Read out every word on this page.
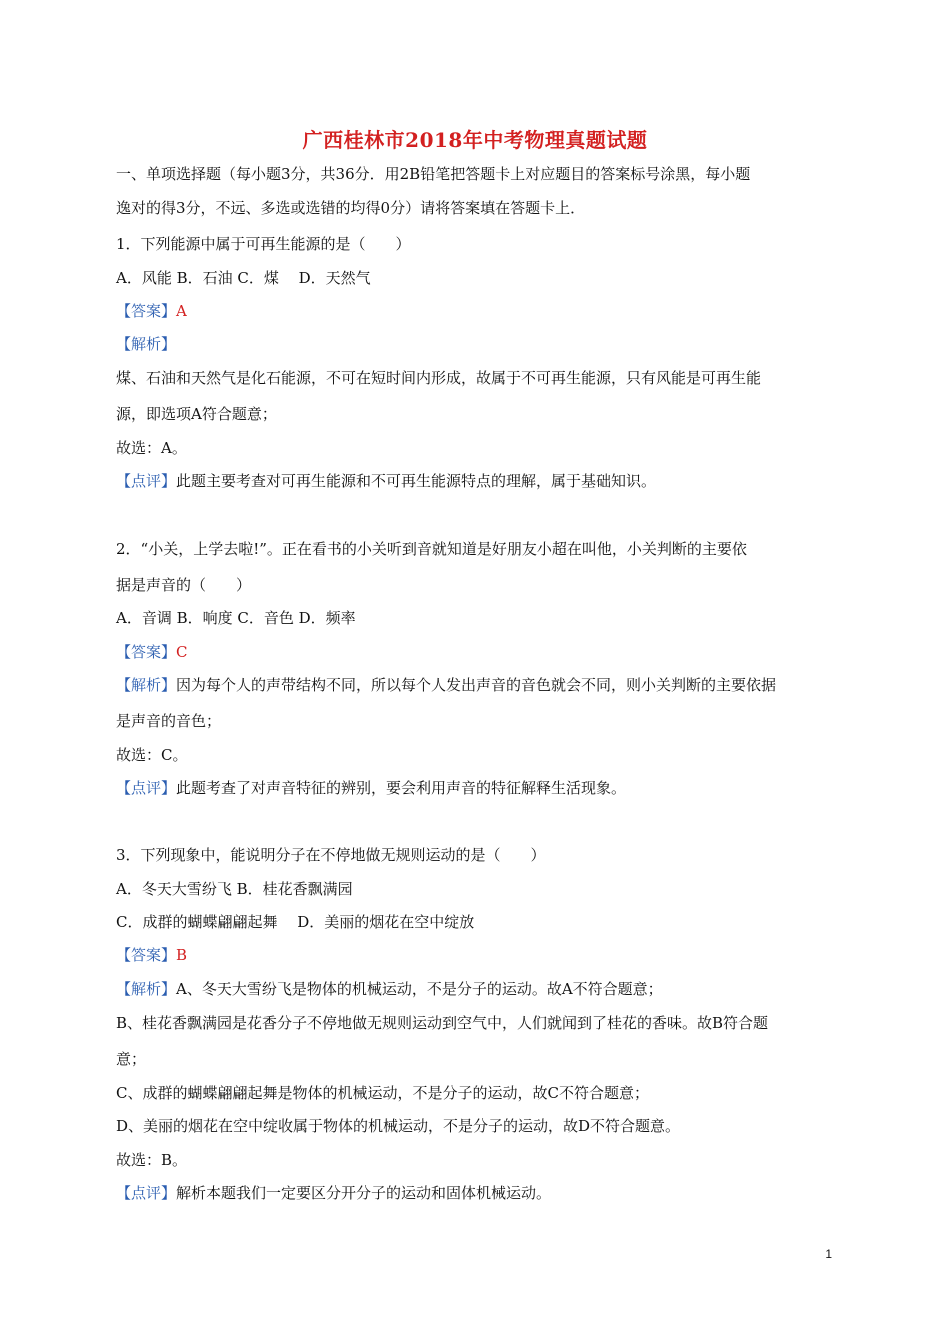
广西桂林市2018年中考物理真题试题
一、单项选择题（每小题3分，共36分．用2B铅笔把答题卡上对应题目的答案标号涂黑，每小题
逸对的得3分，不远、多选或选错的均得0分）请将答案填在答题卡上．
1．下列能源中属于可再生能源的是（　　）
A．风能 B．石油 C．煤　 D．天然气
【答案】A
【解析】
煤、石油和天然气是化石能源，不可在短时间内形成，故属于不可再生能源，只有风能是可再生能
源，即选项A符合题意；
故选：A。
【点评】此题主要考查对可再生能源和不可再生能源特点的理解，属于基础知识。
2．“小关，上学去啦!”。正在看书的小关听到音就知道是好朋友小超在叫他，小关判断的主要依
据是声音的（　　）
A．音调 B．响度 C．音色 D．频率
【答案】C
【解析】因为每个人的声带结构不同，所以每个人发出声音的音色就会不同，则小关判断的主要依据
是声音的音色；
故选：C。
【点评】此题考查了对声音特征的辨别，要会利用声音的特征解释生活现象。
3．下列现象中，能说明分子在不停地做无规则运动的是（　　）
A．冬天大雪纷飞 B．桂花香飘满园
C．成群的蝴蝶翩翩起舞　 D．美丽的烟花在空中绽放
【答案】B
【解析】A、冬天大雪纷飞是物体的机械运动，不是分子的运动。故A不符合题意；
B、桂花香飘满园是花香分子不停地做无规则运动到空气中，人们就闻到了桂花的香味。故B符合题
意；
C、成群的蝴蝶翩翩起舞是物体的机械运动，不是分子的运动，故C不符合题意；
D、美丽的烟花在空中绽收属于物体的机械运动，不是分子的运动，故D不符合题意。
故选：B。
【点评】解析本题我们一定要区分开分子的运动和固体机械运动。
1
